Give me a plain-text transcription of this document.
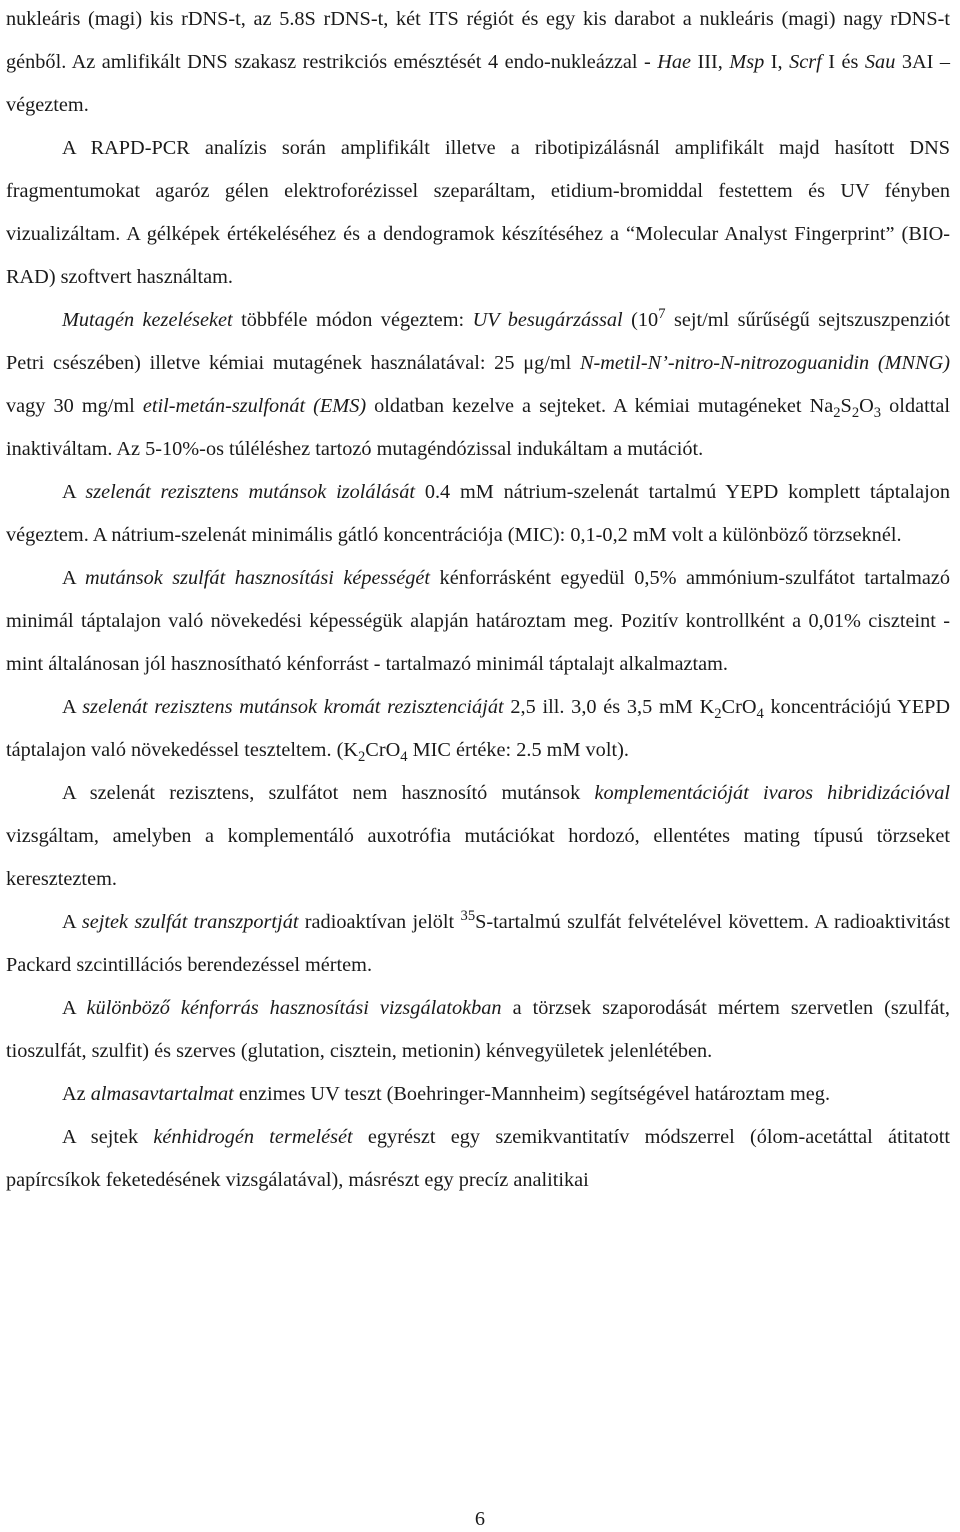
nukleáris (magi) kis rDNS-t, az 5.8S rDNS-t, két ITS régiót és egy kis darabot a nukleáris (magi) nagy rDNS-t génből. Az amlifikált DNS szakasz restrikciós emésztését 4 endo-nukleázzal - Hae III, Msp I, Scrf I és Sau 3AI – végeztem.

A RAPD-PCR analízis során amplifikált illetve a ribotipizálásnál amplifikált majd hasított DNS fragmentumokat agaróz gélen elektroforézissel szeparáltam, etidium-bromiddal festettem és UV fényben vizualizáltam. A gélképek értékeléséhez és a dendogramok készítéséhez a “Molecular Analyst Fingerprint” (BIO-RAD) szoftvert használtam.

Mutagén kezeléseket többféle módon végeztem: UV besugárzással ($10^7$ sejt/ml sűrűségű sejtszuszpenziót Petri csészében) illetve kémiai mutagének használatával: 25 μg/ml N-metil-N’-nitro-N-nitrozoguanidin (MNNG) vagy 30 mg/ml etil-metán-szulfonát (EMS) oldatban kezelve a sejteket. A kémiai mutagéneket $Na_2S_2O_3$ oldattal inaktiváltam. Az 5-10%-os túléléshez tartozó mutagéndózissal indukáltam a mutációt.

A szelenát rezisztens mutánsok izolálását 0.4 mM nátrium-szelenát tartalmú YEPD komplett táptalajon végeztem. A nátrium-szelenát minimális gátló koncentrációja (MIC): 0,1-0,2 mM volt a különböző törzseknél.

A mutánsok szulfát hasznosítási képességét kénforrásként egyedül 0,5% ammónium-szulfátot tartalmazó minimál táptalajon való növekedési képességük alapján határoztam meg. Pozitív kontrollként a 0,01% ciszteint - mint általánosan jól hasznosítható kénforrást - tartalmazó minimál táptalajt alkalmaztam.

A szelenát rezisztens mutánsok kromát rezisztenciáját 2,5 ill. 3,0 és 3,5 mM $K_2CrO_4$ koncentrációjú YEPD táptalajon való növekedéssel teszteltem. ($K_2CrO_4$ MIC értéke: 2.5 mM volt).

A szelenát rezisztens, szulfátot nem hasznosító mutánsok komplementációját ivaros hibridizációval vizsgáltam, amelyben a komplementáló auxotrófia mutációkat hordozó, ellentétes mating típusú törzseket kereszteztem.

A sejtek szulfát transzportját radioaktívan jelölt $^{35}$S-tartalmú szulfát felvételével követtem. A radioaktivitást Packard szcintillációs berendezéssel mértem.

A különböző kénforrás hasznosítási vizsgálatokban a törzsek szaporodását mértem szervetlen (szulfát, tioszulfát, szulfit) és szerves (glutation, cisztein, metionin) kénvegyületek jelenlétében.

Az almasavtartalmat enzimes UV teszt (Boehringer-Mannheim) segítségével határoztam meg.

A sejtek kénhidrogén termelését egyrészt egy szemikvantitatív módszerrel (ólom-acetáttal átitatott papírcsíkok feketedésének vizsgálatával), másrészt egy precíz analitikai

6
